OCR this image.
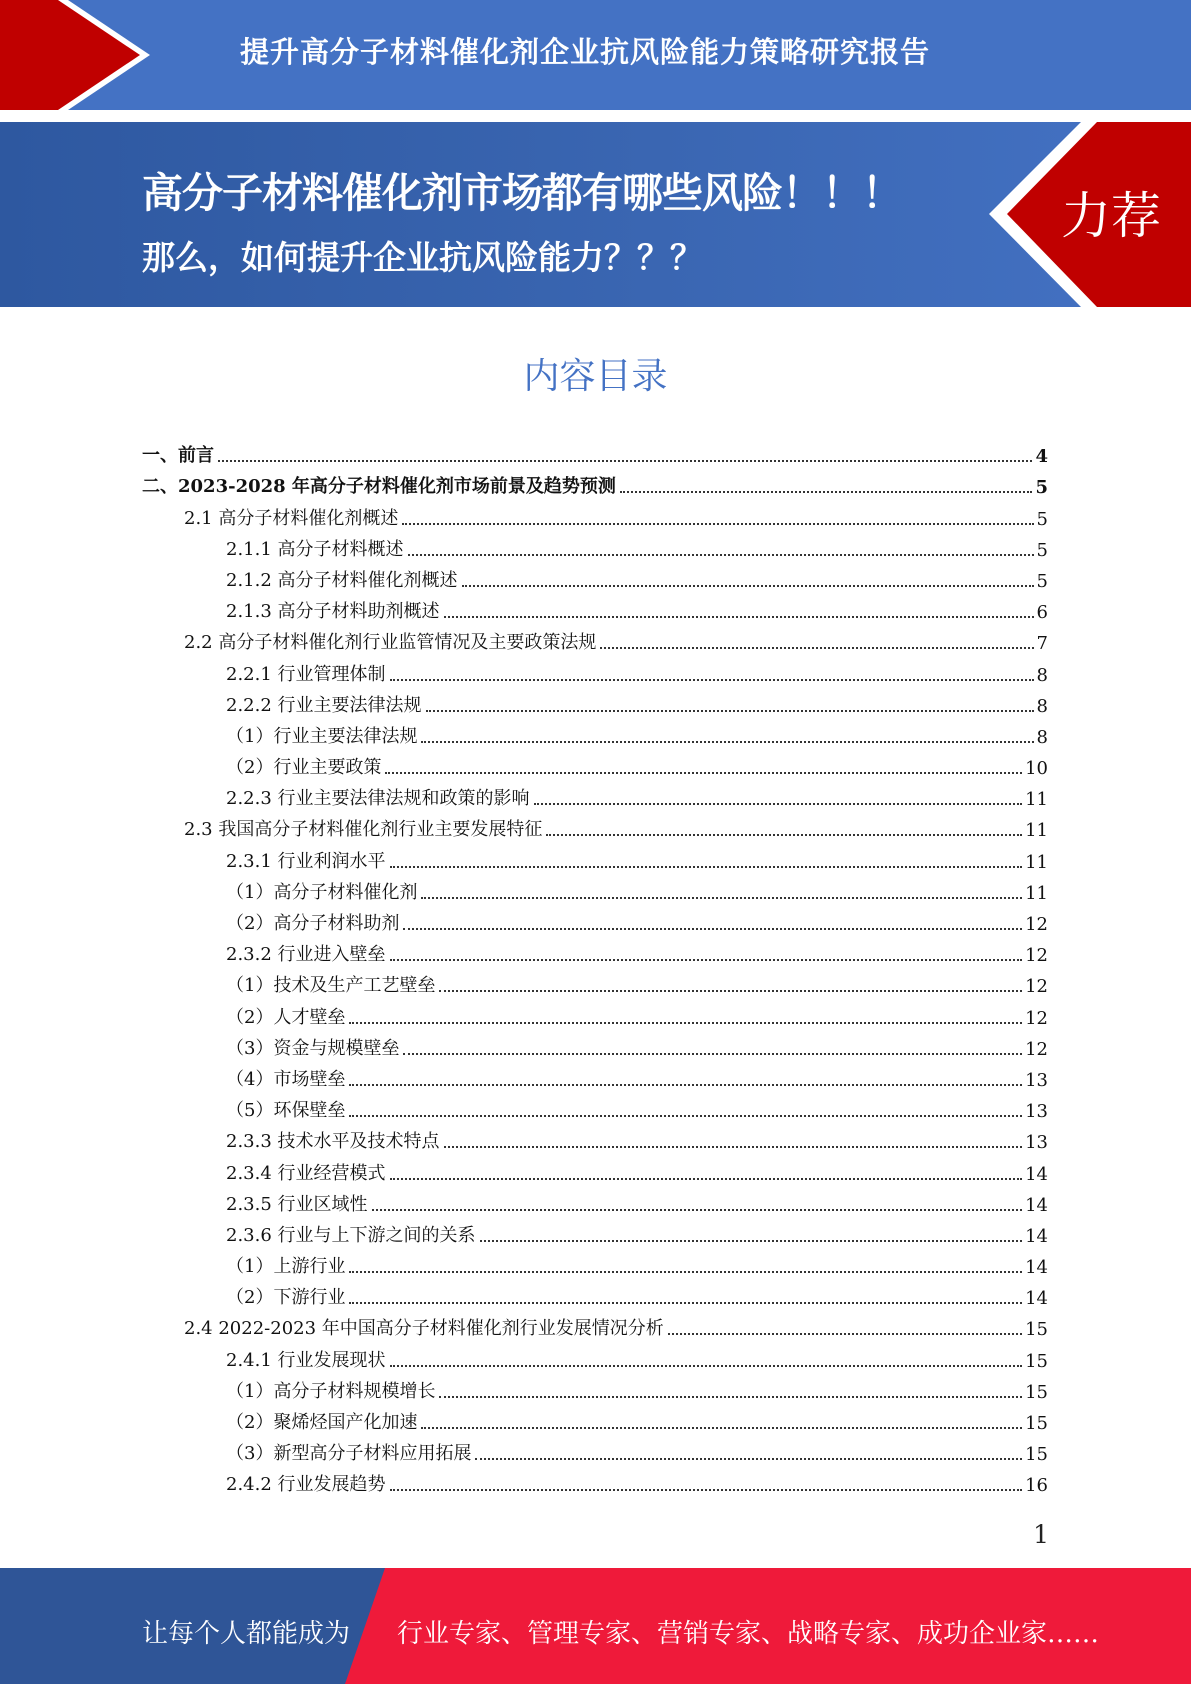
提升高分子材料催化剂企业抗风险能力策略研究报告
高分子材料催化剂市场都有哪些风险！！！
那么，如何提升企业抗风险能力？？？
力荐
内容目录
一、前言	4
二、2023-2028 年高分子材料催化剂市场前景及趋势预测	5
2.1 高分子材料催化剂概述	5
2.1.1 高分子材料概述	5
2.1.2 高分子材料催化剂概述	5
2.1.3 高分子材料助剂概述	6
2.2 高分子材料催化剂行业监管情况及主要政策法规	7
2.2.1 行业管理体制	8
2.2.2 行业主要法律法规	8
（1）行业主要法律法规	8
（2）行业主要政策	10
2.2.3 行业主要法律法规和政策的影响	11
2.3 我国高分子材料催化剂行业主要发展特征	11
2.3.1 行业利润水平	11
（1）高分子材料催化剂	11
（2）高分子材料助剂	12
2.3.2 行业进入壁垒	12
（1）技术及生产工艺壁垒	12
（2）人才壁垒	12
（3）资金与规模壁垒	12
（4）市场壁垒	13
（5）环保壁垒	13
2.3.3 技术水平及技术特点	13
2.3.4 行业经营模式	14
2.3.5 行业区域性	14
2.3.6 行业与上下游之间的关系	14
（1）上游行业	14
（2）下游行业	14
2.4 2022-2023 年中国高分子材料催化剂行业发展情况分析	15
2.4.1 行业发展现状	15
（1）高分子材料规模增长	15
（2）聚烯烃国产化加速	15
（3）新型高分子材料应用拓展	15
2.4.2 行业发展趋势	16
1
让每个人都能成为 行业专家、管理专家、营销专家、战略专家、成功企业家……
